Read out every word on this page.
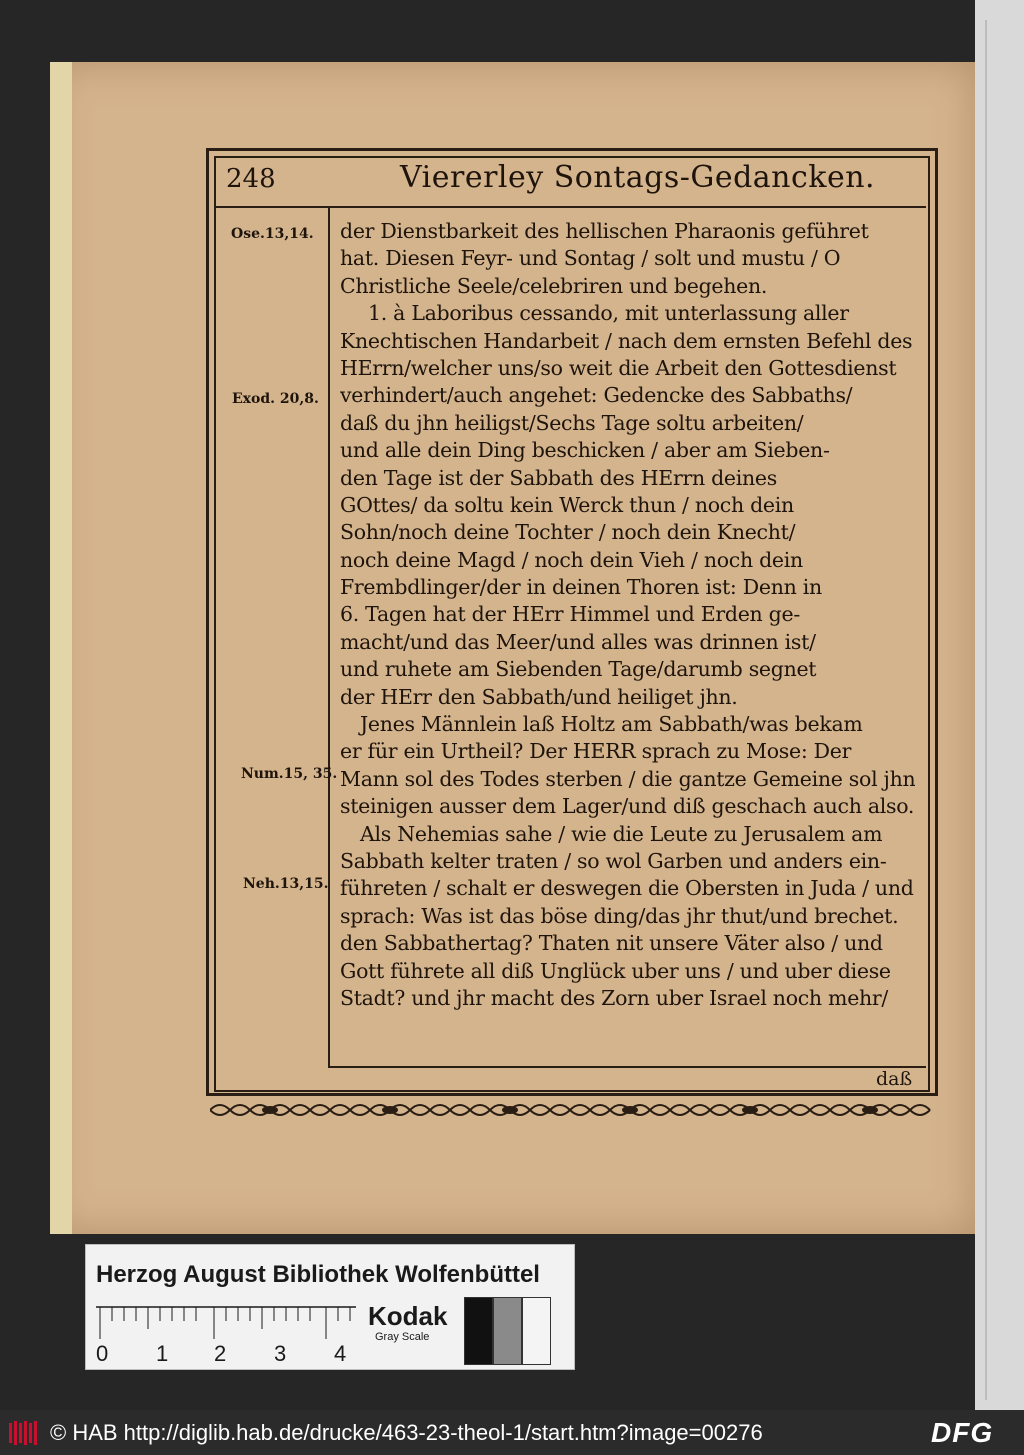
248	Viererley Sontags-Gedancken.
Ose.13,14.
Exod. 20,8.
Num.15, 35.
Neh.13,15.
der Dienstbarkeit des hellischen Pharaonis geführet
hat. Diesen Feyr- und Sontag / solt und mustu / O
Christliche Seele/celebriren und begehen.
1. à Laboribus cessando, mit unterlassung aller
Knechtischen Handarbeit / nach dem ernsten Befehl des
HErrn/welcher uns/so weit die Arbeit den Gottesdienst
verhindert/auch angehet: Gedencke des Sabbaths/
daß du jhn heiligst/Sechs Tage soltu arbeiten/
und alle dein Ding beschicken / aber am Sieben-
den Tage ist der Sabbath des HErrn deines
GOttes/ da soltu kein Werck thun / noch dein
Sohn/noch deine Tochter / noch dein Knecht/
noch deine Magd / noch dein Vieh / noch dein
Frembdlinger/der in deinen Thoren ist: Denn in
6. Tagen hat der HErr Himmel und Erden ge-
macht/und das Meer/und alles was drinnen ist/
und ruhete am Siebenden Tage/darumb segnet
der HErr den Sabbath/und heiliget jhn.
Jenes Männlein laß Holtz am Sabbath/was bekam
er für ein Urtheil? Der HERR sprach zu Mose: Der
Mann sol des Todes sterben / die gantze Gemeine sol jhn
steinigen ausser dem Lager/und diß geschach auch also.
Als Nehemias sahe / wie die Leute zu Jerusalem am
Sabbath kelter traten / so wol Garben und anders ein-
führeten / schalt er deswegen die Obersten in Juda / und
sprach: Was ist das böse ding/das jhr thut/und brechet.
den Sabbathertag? Thaten nit unsere Väter also / und
Gott führete all diß Unglück uber uns / und uber diese
Stadt? und jhr macht des Zorn uber Israel noch mehr/
daß
Herzog August Bibliothek Wolfenbüttel
0 1 2 3 4
Kodak
Gray Scale
© HAB http://diglib.hab.de/drucke/463-23-theol-1/start.htm?image=00276	DFG
